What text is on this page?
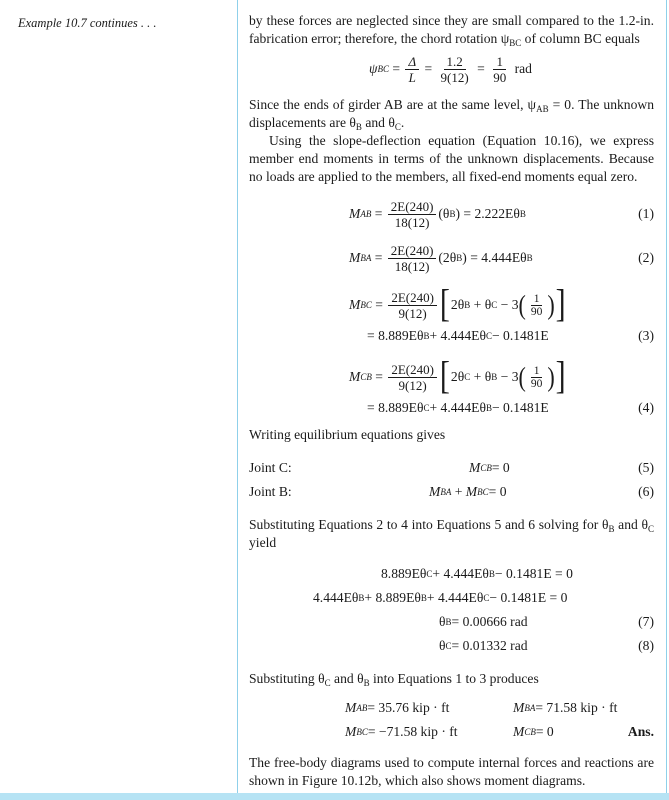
Example 10.7 continues . . .	by these forces are neglected since they are small compared to the 1.2-in. fabrication error; therefore, the chord rotation $\psi_{BC}$ of column BC equals

ψ BC = $\frac{\Delta}{L} = \frac{1.2}{9(12)} = \frac{1}{90}$
rad

Since the ends of girder AB are at the same level, $\psi_{AB} = 0$. The unknown displacements are $\theta_B$ and $\theta_C$.

Using the slope-deflection equation (Equation 10.16), we express member end moments in terms of the unknown displacements. Because no loads are applied to the members, all fixed-end moments equal zero.

M AB = $\frac{2E(240)}{18(12)} (\theta$ B ) = 2.222Eθ B	(1)
M BA = $\frac{2E(240)}{18(12)} (2\theta$ B ) = 4.444Eθ B	(2)
M BC = $\frac{2E(240)}{9(12)}$ [ 2θ B + θ C − 3 ( $\frac{1}{90}$ ) ]
= 8.889Eθ B + 4.444Eθ C − 0.1481E	(3)
M CB = $\frac{2E(240)}{9(12)}$ [ 2θ C + θ B − 3 ( $\frac{1}{90}$ ) ]
= 8.889Eθ C + 4.444Eθ B − 0.1481E	(4)

Writing equilibrium equations gives

Joint C:	M CB = 0	(5)
Joint B:	M BA + M BC = 0	(6)

Substituting Equations 2 to 4 into Equations 5 and 6 solving for $\theta_B$ and $\theta_C$ yield

8.889Eθ C + 4.444Eθ B − 0.1481E = 0
4.444Eθ B + 8.889Eθ B + 4.444Eθ C − 0.1481E = 0
θ B = 0.00666 rad	(7)
θ C = 0.01332 rad	(8)

Substituting $\theta_C$ and $\theta_B$ into Equations 1 to 3 produces

M AB = 35.76 kip · ft	M BA = 71.58 kip · ft
M BC = −71.58 kip · ft	M CB = 0	Ans.

The free-body diagrams used to compute internal forces and reactions are shown in Figure 10.12b, which also shows moment diagrams.
